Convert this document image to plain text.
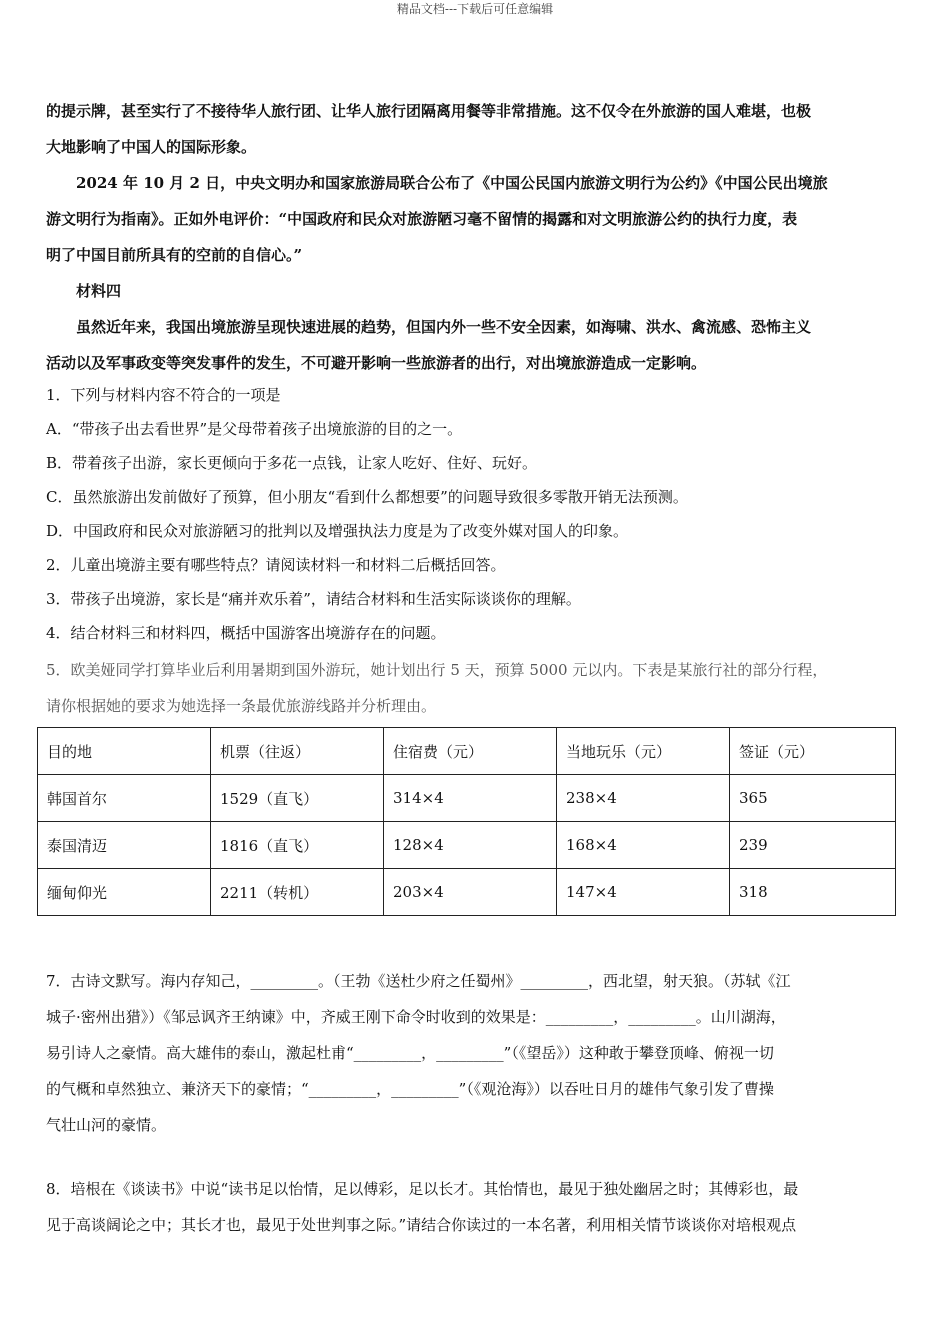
精品文档---下载后可任意编辑
的提示牌，甚至实行了不接待华人旅行团、让华人旅行团隔离用餐等非常措施。这不仅令在外旅游的国人难堪，也极
大地影响了中国人的国际形象。
2024 年 10 月 2 日，中央文明办和国家旅游局联合公布了《中国公民国内旅游文明行为公约》《中国公民出境旅
游文明行为指南》。正如外电评价：“中国政府和民众对旅游陋习毫不留情的揭露和对文明旅游公约的执行力度，表
明了中国目前所具有的空前的自信心。”
材料四
虽然近年来，我国出境旅游呈现快速进展的趋势，但国内外一些不安全因素，如海啸、洪水、禽流感、恐怖主义
活动以及军事政变等突发事件的发生，不可避开影响一些旅游者的出行，对出境旅游造成一定影响。
1．下列与材料内容不符合的一项是
A．“带孩子出去看世界”是父母带着孩子出境旅游的目的之一。
B．带着孩子出游，家长更倾向于多花一点钱，让家人吃好、住好、玩好。
C．虽然旅游出发前做好了预算，但小朋友“看到什么都想要”的问题导致很多零散开销无法预测。
D．中国政府和民众对旅游陋习的批判以及增强执法力度是为了改变外媒对国人的印象。
2．儿童出境游主要有哪些特点？请阅读材料一和材料二后概括回答。
3．带孩子出境游，家长是“痛并欢乐着”，请结合材料和生活实际谈谈你的理解。
4．结合材料三和材料四，概括中国游客出境游存在的问题。
5．欧美娅同学打算毕业后利用暑期到国外游玩，她计划出行 5 天，预算 5000 元以内。下表是某旅行社的部分行程，
请你根据她的要求为她选择一条最优旅游线路并分析理由。
目的地	机票（往返）	住宿费（元）	当地玩乐（元）	签证（元）
韩国首尔	1529（直飞）	314×4	238×4	365
泰国清迈	1816（直飞）	128×4	168×4	239
缅甸仰光	2211（转机）	203×4	147×4	318
7．古诗文默写。海内存知己，_________。（王勃《送杜少府之任蜀州》_________，西北望，射天狼。（苏轼《江
城子·密州出猎》）《邹忌讽齐王纳谏》中，齐威王刚下命令时收到的效果是：_________，_________。山川湖海，
易引诗人之豪情。高大雄伟的泰山，激起杜甫“_________，_________”（《望岳》）这种敢于攀登顶峰、俯视一切
的气概和卓然独立、兼济天下的豪情；“_________，_________”（《观沧海》）以吞吐日月的雄伟气象引发了曹操
气壮山河的豪情。
8．培根在《谈读书》中说“读书足以怡情，足以傅彩，足以长才。其怡情也，最见于独处幽居之时；其傅彩也，最
见于高谈阔论之中；其长才也，最见于处世判事之际。”请结合你读过的一本名著，利用相关情节谈谈你对培根观点
